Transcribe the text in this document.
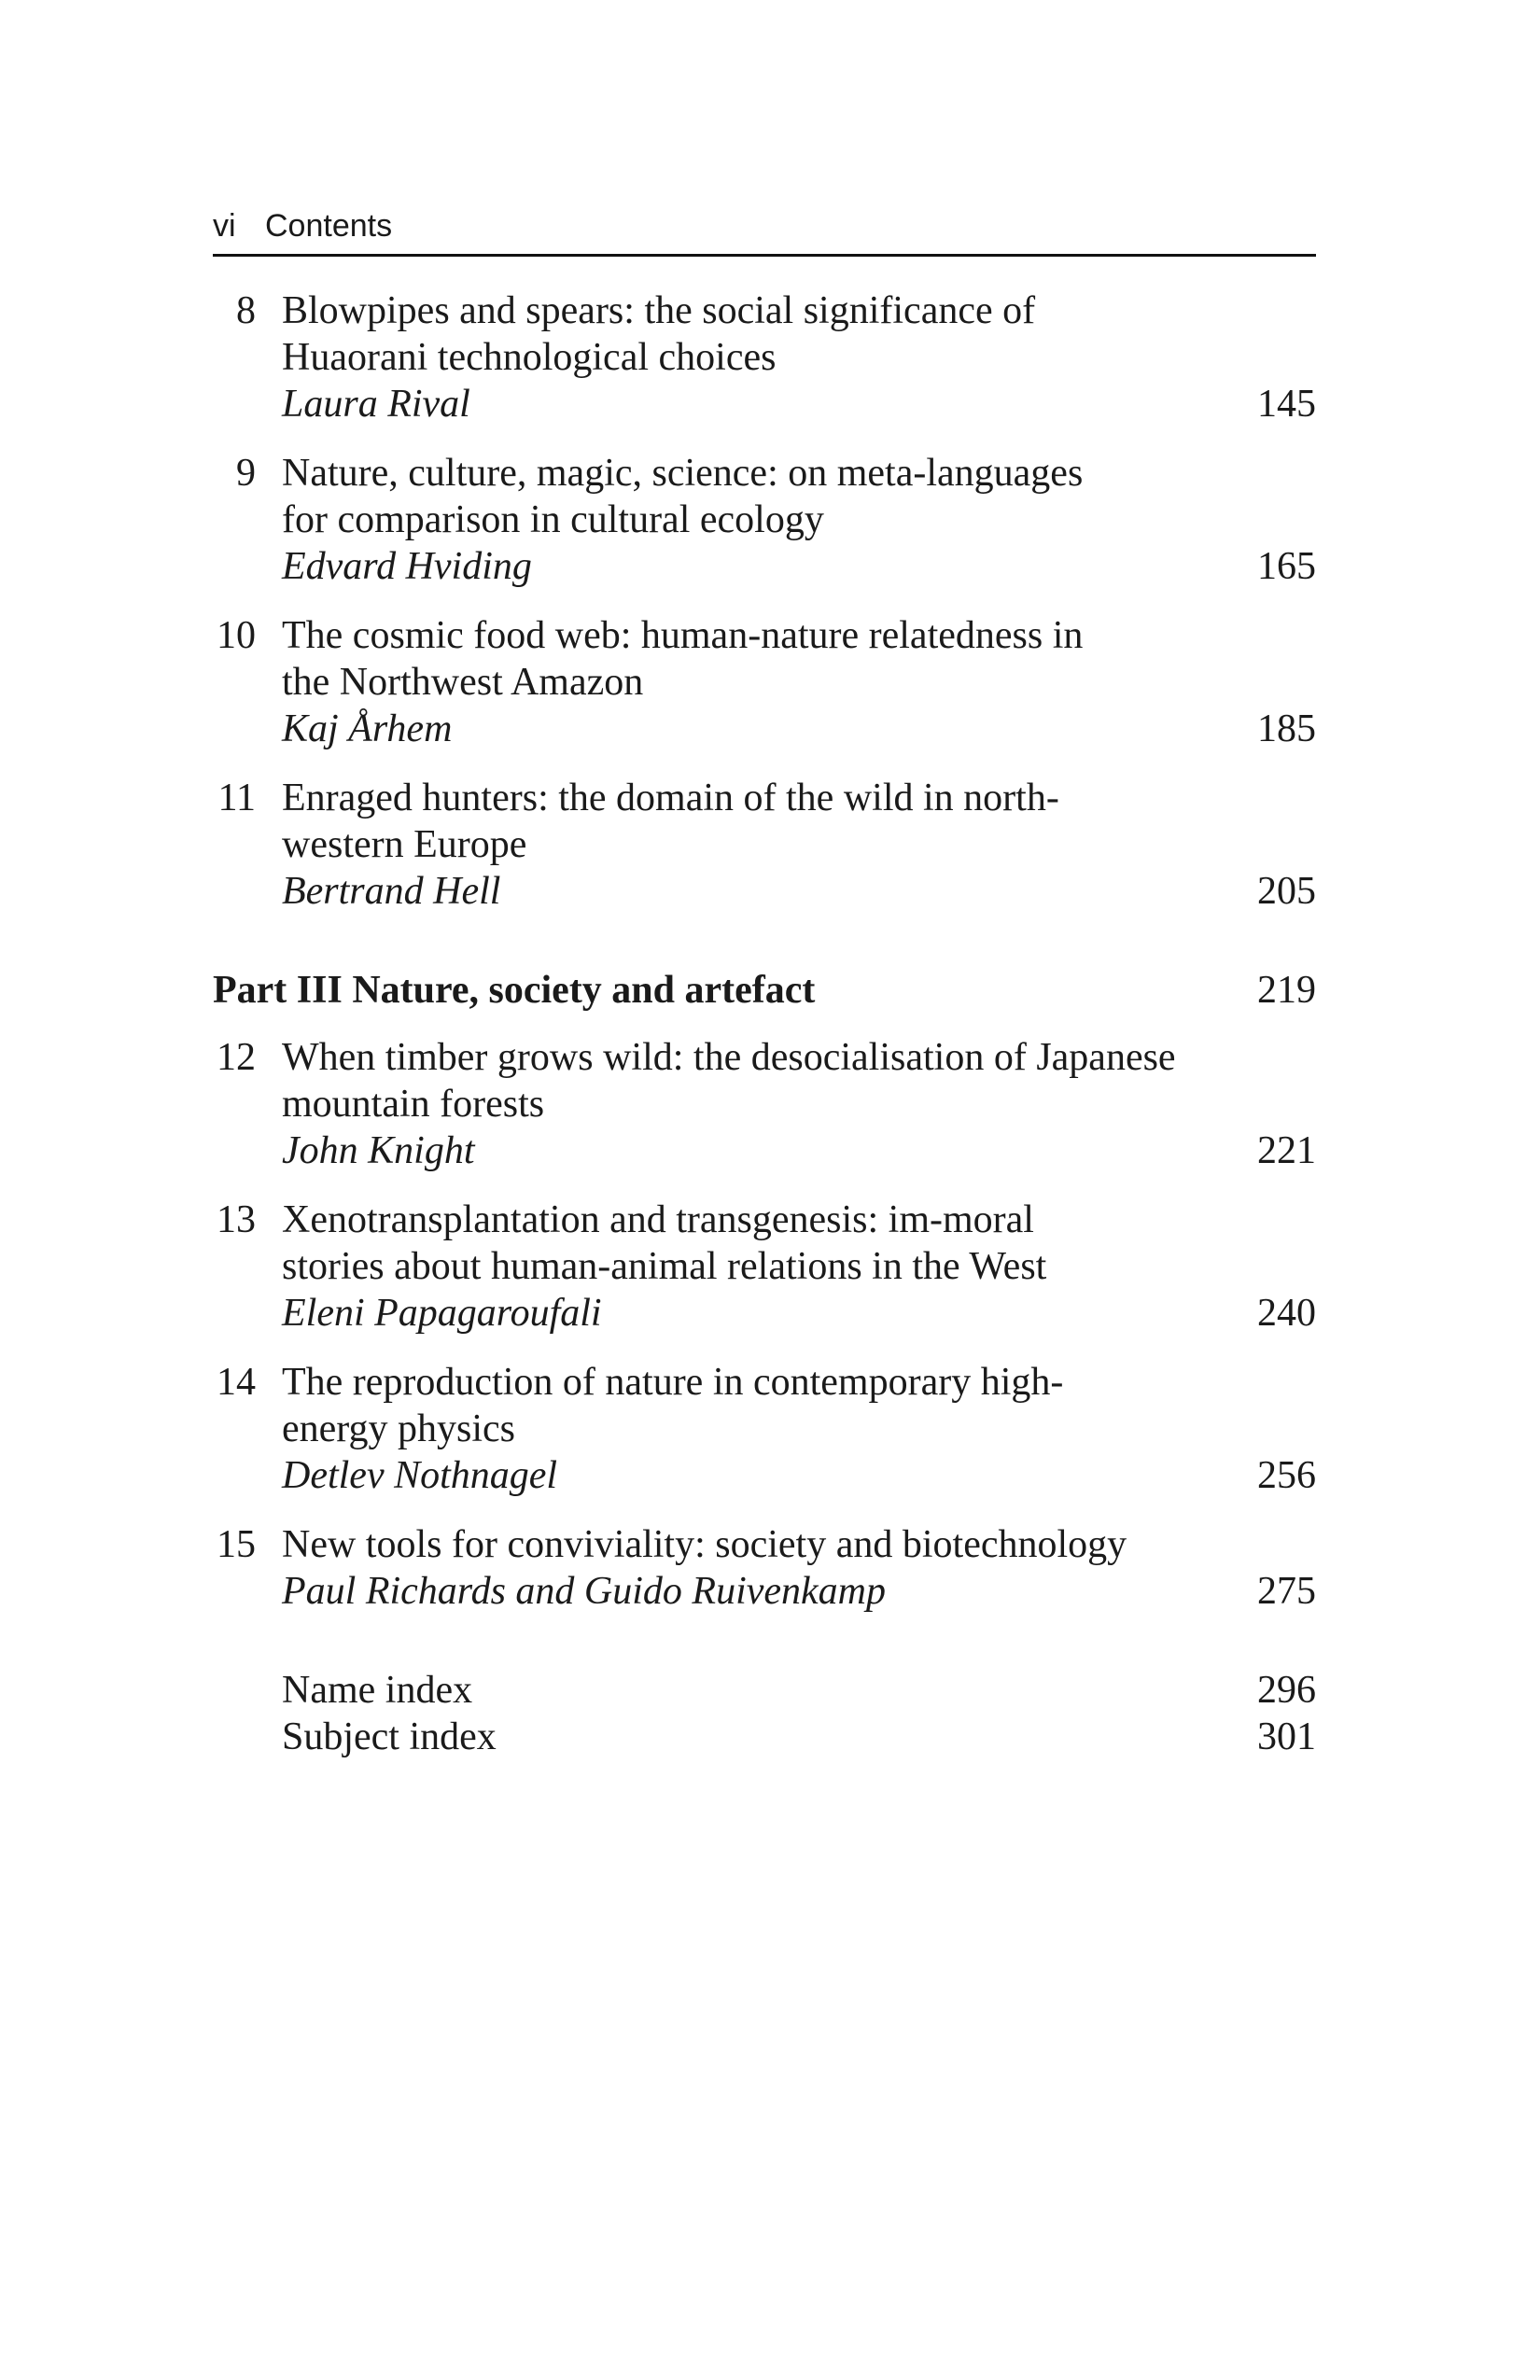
vi Contents
8 Blowpipes and spears: the social significance of
Huaorani technological choices
Laura Rival	145
9 Nature, culture, magic, science: on meta-languages
for comparison in cultural ecology
Edvard Hviding	165
10 The cosmic food web: human-nature relatedness in
the Northwest Amazon
Kaj Århem	185
11 Enraged hunters: the domain of the wild in north-
western Europe
Bertrand Hell	205
Part III Nature, society and artefact	219
12 When timber grows wild: the desocialisation of Japanese
mountain forests
John Knight	221
13 Xenotransplantation and transgenesis: im-moral
stories about human-animal relations in the West
Eleni Papagaroufali	240
14 The reproduction of nature in contemporary high-
energy physics
Detlev Nothnagel	256
15 New tools for conviviality: society and biotechnology
Paul Richards and Guido Ruivenkamp	275
Name index	296
Subject index	301
